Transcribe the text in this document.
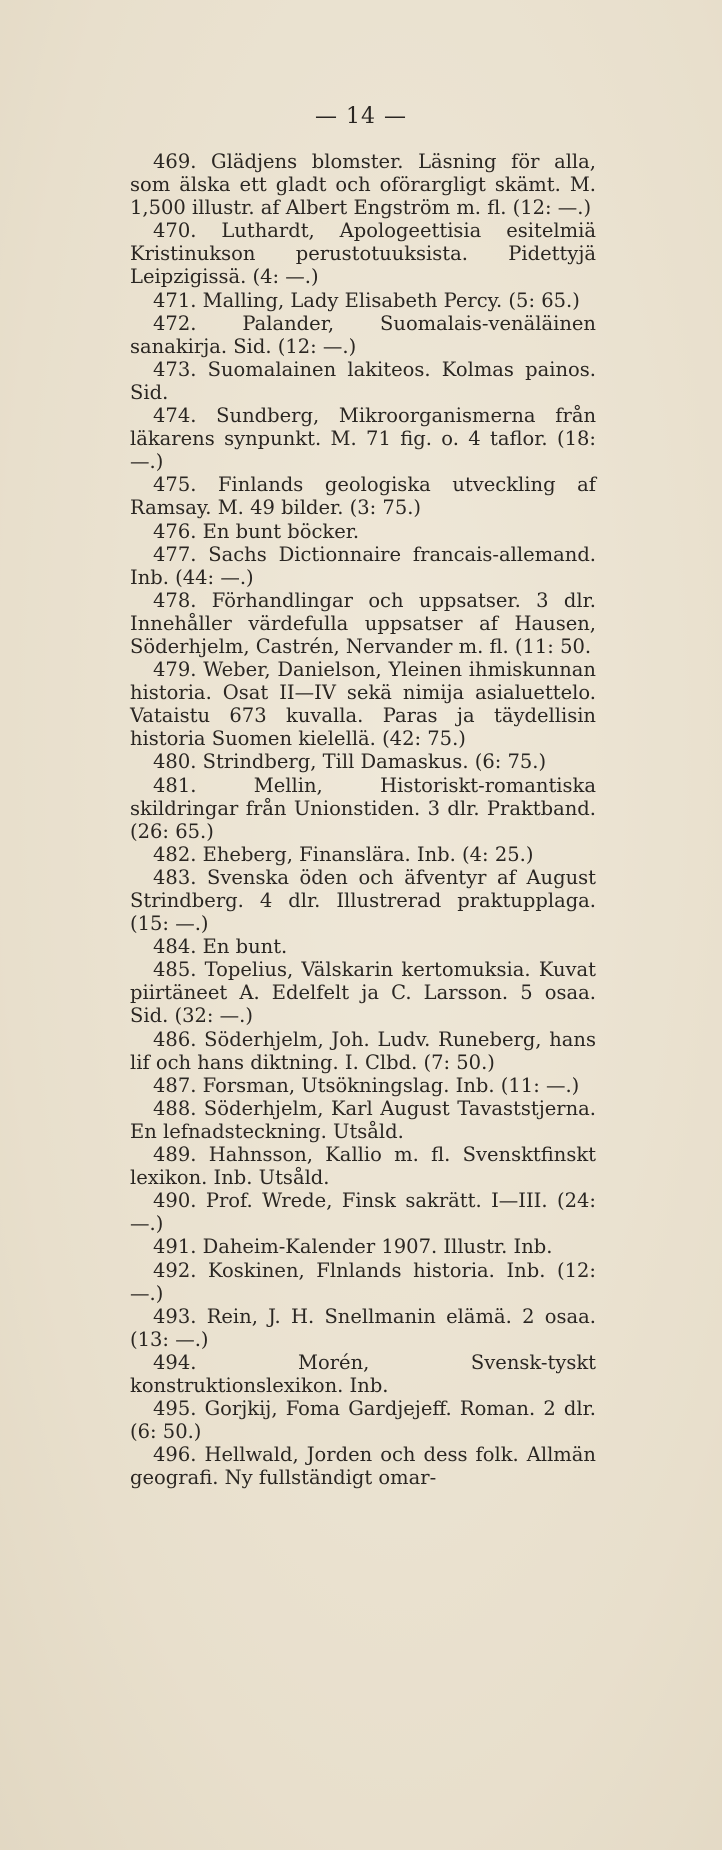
— 14 —

469. Glädjens blomster. Läsning för alla, som älska ett gladt och oförargligt skämt. M. 1,500 illustr. af Albert Engström m. fl. (12: —.)

470. Luthardt, Apologeettisia esitelmiä Kristinukson perustotuuksista. Pidettyjä Leipzigissä. (4: —.)

471. Malling, Lady Elisabeth Percy. (5: 65.)

472. Palander, Suomalais-venäläinen sanakirja. Sid. (12: —.)

473. Suomalainen lakiteos. Kolmas painos. Sid.

474. Sundberg, Mikroorganismerna från läkarens synpunkt. M. 71 fig. o. 4 taflor. (18: —.)

475. Finlands geologiska utveckling af Ramsay. M. 49 bilder. (3: 75.)

476. En bunt böcker.

477. Sachs Dictionnaire francais-allemand. Inb. (44: —.)

478. Förhandlingar och uppsatser. 3 dlr. Innehåller värdefulla uppsatser af Hausen, Söderhjelm, Castrén, Nervander m. fl. (11: 50.

479. Weber, Danielson, Yleinen ihmiskunnan historia. Osat II—IV sekä nimija asialuettelo. Vataistu 673 kuvalla. Paras ja täydellisin historia Suomen kielellä. (42: 75.)

480. Strindberg, Till Damaskus. (6: 75.)

481. Mellin, Historiskt-romantiska skildringar från Unionstiden. 3 dlr. Praktband. (26: 65.)

482. Eheberg, Finanslära. Inb. (4: 25.)

483. Svenska öden och äfventyr af August Strindberg. 4 dlr. Illustrerad praktupplaga. (15: —.)

484. En bunt.

485. Topelius, Välskarin kertomuksia. Kuvat piirtäneet A. Edelfelt ja C. Larsson. 5 osaa. Sid. (32: —.)

486. Söderhjelm, Joh. Ludv. Runeberg, hans lif och hans diktning. I. Clbd. (7: 50.)

487. Forsman, Utsökningslag. Inb. (11: —.)

488. Söderhjelm, Karl August Tavaststjerna. En lefnadsteckning. Utsåld.

489. Hahnsson, Kallio m. fl. Svensktfinskt lexikon. Inb. Utsåld.

490. Prof. Wrede, Finsk sakrätt. I—III. (24: —.)

491. Daheim-Kalender 1907. Illustr. Inb.

492. Koskinen, Flnlands historia. Inb. (12: —.)

493. Rein, J. H. Snellmanin elämä. 2 osaa. (13: —.)

494. Morén, Svensk-tyskt konstruktionslexikon. Inb.

495. Gorjkij, Foma Gardjejeff. Roman. 2 dlr. (6: 50.)

496. Hellwald, Jorden och dess folk. Allmän geografi. Ny fullständigt omar-
